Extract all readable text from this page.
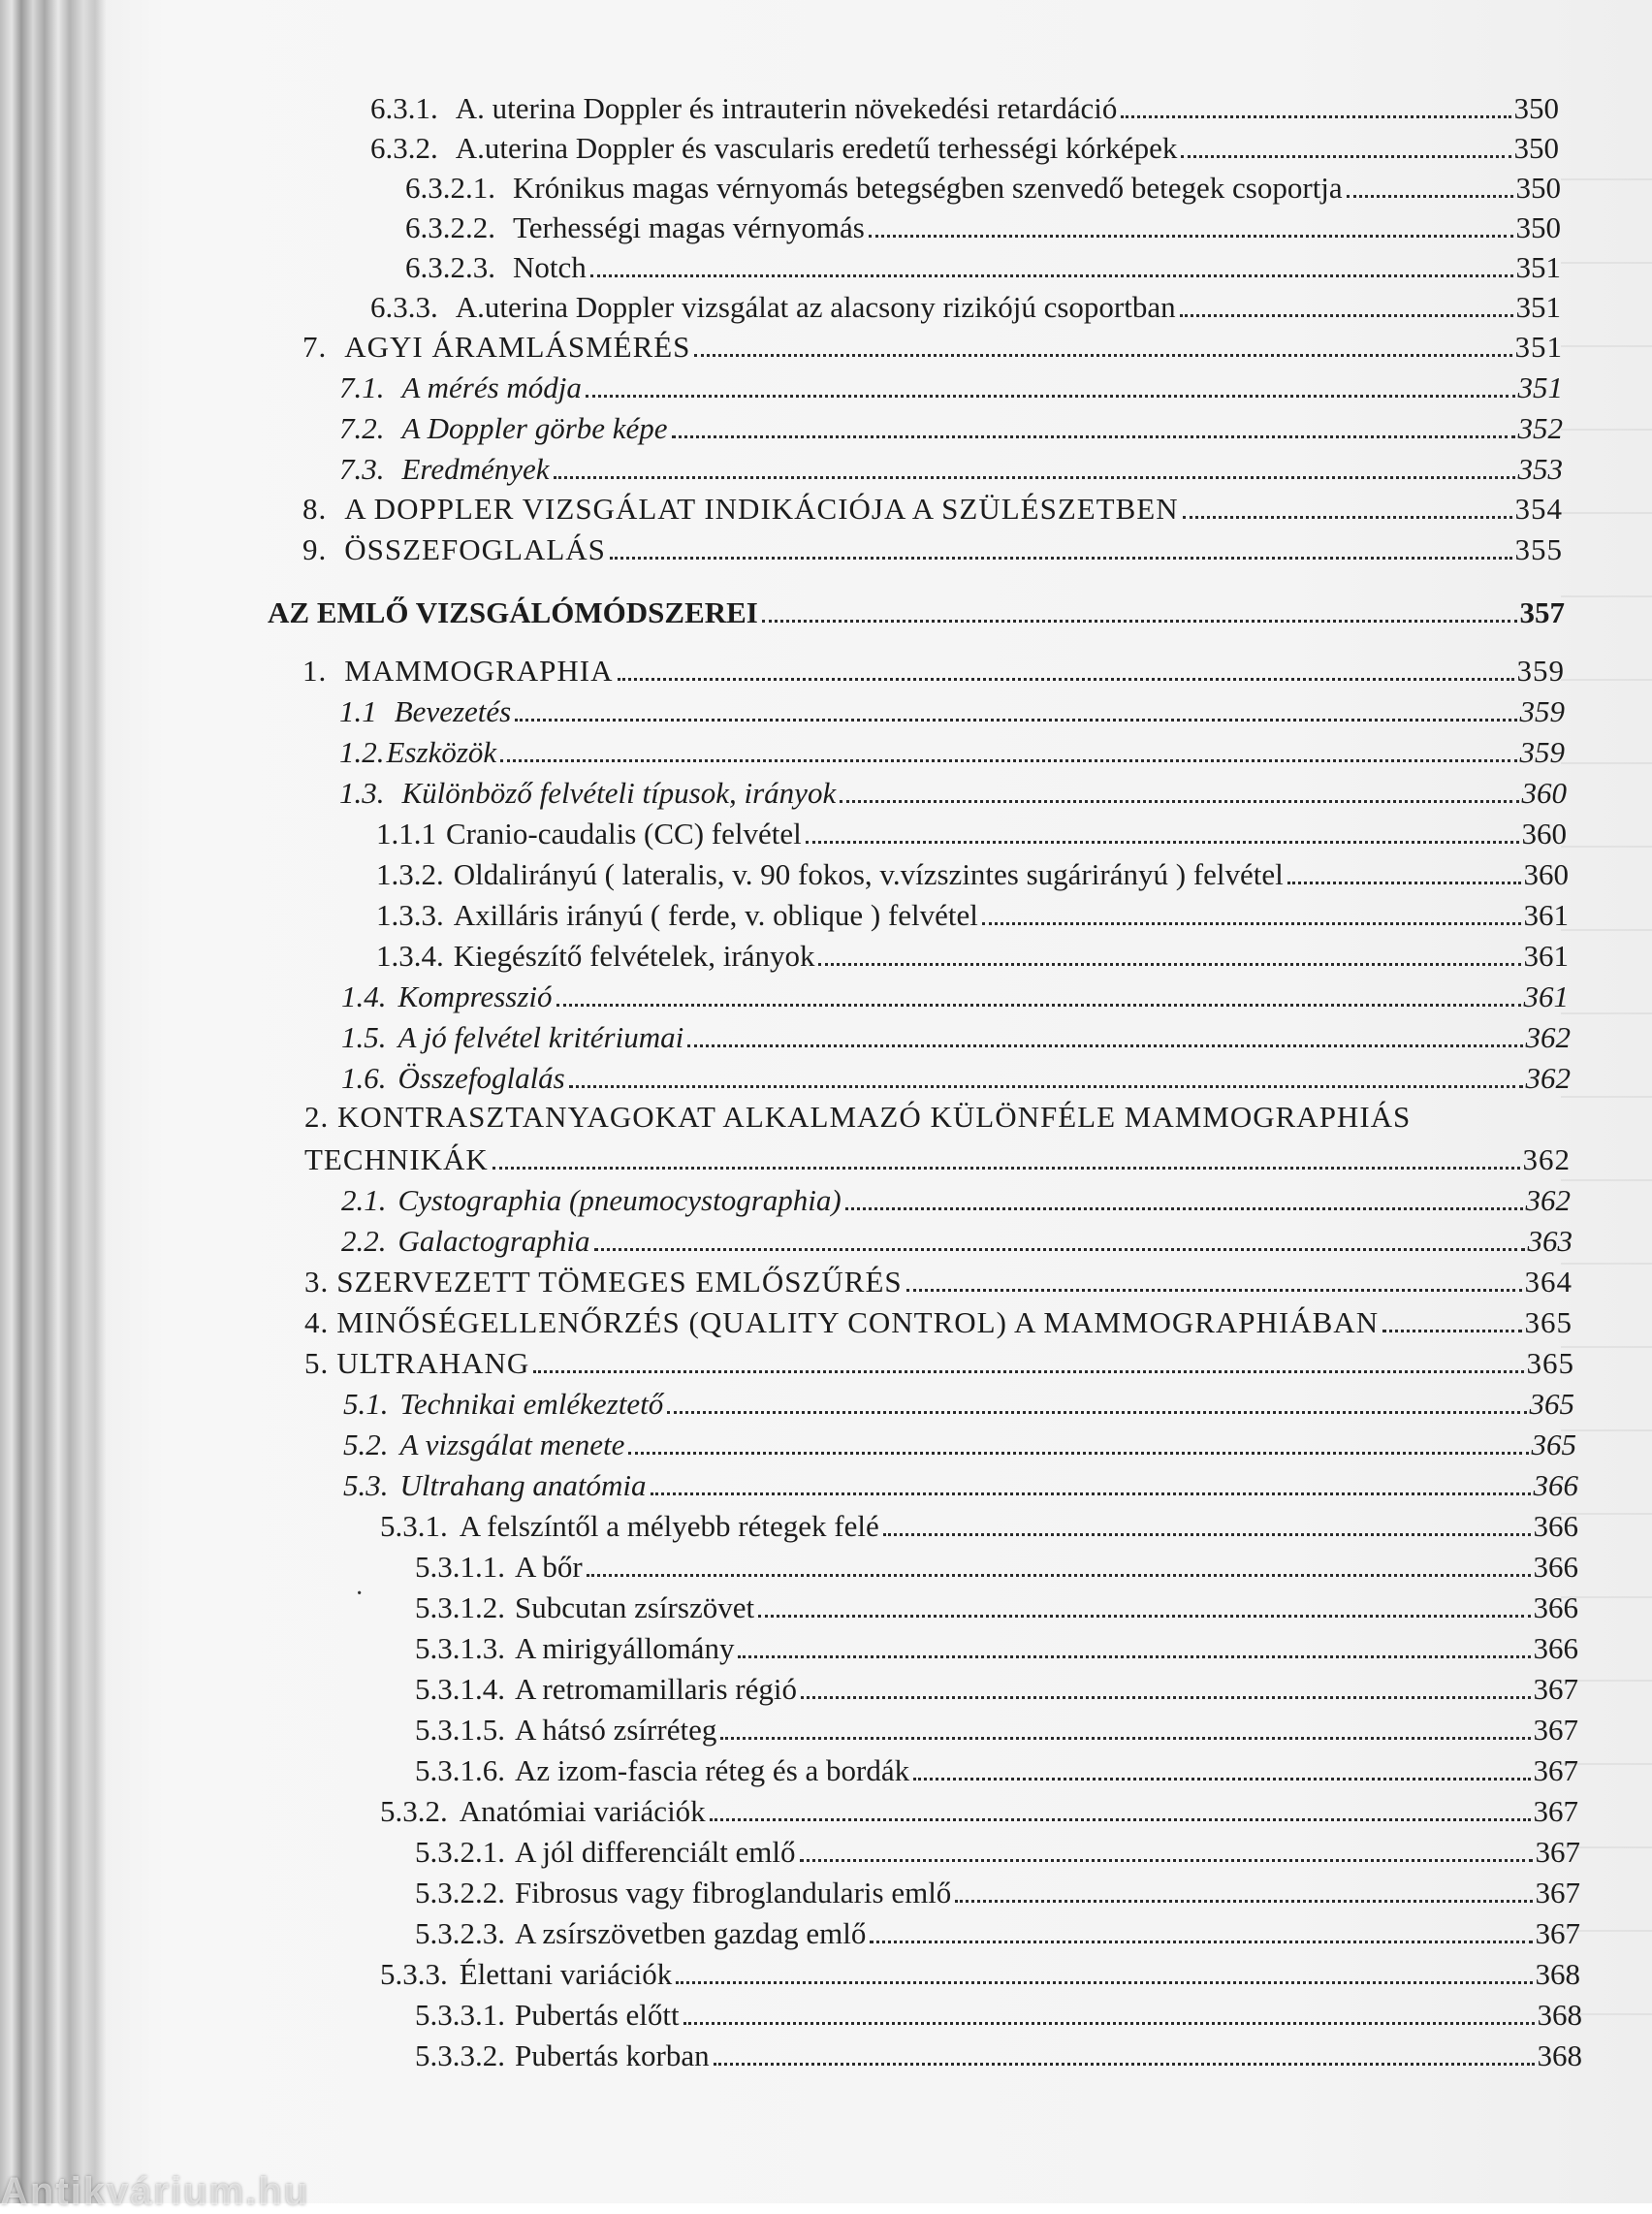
6.3.1. A. uterina Doppler és intrauterin növekedési retardáció	350
6.3.2. A.uterina Doppler és vascularis eredetű terhességi kórképek	350
6.3.2.1. Krónikus magas vérnyomás betegségben szenvedő betegek csoportja	350
6.3.2.2. Terhességi magas vérnyomás	350
6.3.2.3. Notch	351
6.3.3. A.uterina Doppler vizsgálat az alacsony rizikójú csoportban	351
7. AGYI ÁRAMLÁSMÉRÉS	351
7.1. A mérés módja	351
7.2. A Doppler görbe képe	352
7.3. Eredmények	353
8. A DOPPLER VIZSGÁLAT INDIKÁCIÓJA A SZÜLÉSZETBEN	354
9. ÖSSZEFOGLALÁS	355
AZ EMLŐ VIZSGÁLÓMÓDSZEREI	357
1. MAMMOGRAPHIA	359
1.1 Bevezetés	359
1.2. Eszközök	359
1.3. Különböző felvételi típusok, irányok	360
1.1.1 Cranio-caudalis (CC) felvétel	360
1.3.2. Oldalirányú ( lateralis, v. 90 fokos, v.vízszintes sugárirányú ) felvétel	360
1.3.3. Axilláris irányú ( ferde, v. oblique ) felvétel	361
1.3.4. Kiegészítő felvételek, irányok	361
1.4. Kompresszió	361
1.5. A jó felvétel kritériumai	362
1.6. Összefoglalás	362
2. KONTRASZTANYAGOKAT ALKALMAZÓ KÜLÖNFÉLE MAMMOGRAPHIÁS
TECHNIKÁK	362
2.1. Cystographia (pneumocystographia)	362
2.2. Galactographia	363
3. SZERVEZETT TÖMEGES EMLŐSZŰRÉS	364
4. MINŐSÉGELLENŐRZÉS (QUALITY CONTROL) A MAMMOGRAPHIÁBAN	365
5. ULTRAHANG	365
5.1. Technikai emlékeztető	365
5.2. A vizsgálat menete	365
5.3. Ultrahang anatómia	366
5.3.1. A felszíntől a mélyebb rétegek felé	366
·
5.3.1.1. A bőr	366
5.3.1.2. Subcutan zsírszövet	366
5.3.1.3. A mirigyállomány	366
5.3.1.4. A retromamillaris régió	367
5.3.1.5. A hátsó zsírréteg	367
5.3.1.6. Az izom-fascia réteg és a bordák	367
5.3.2. Anatómiai variációk	367
5.3.2.1. A jól differenciált emlő	367
5.3.2.2. Fibrosus vagy fibroglandularis emlő	367
5.3.2.3. A zsírszövetben gazdag emlő	367
5.3.3. Élettani variációk	368
5.3.3.1. Pubertás előtt	368
5.3.3.2. Pubertás korban	368
Antikvárium.hu
